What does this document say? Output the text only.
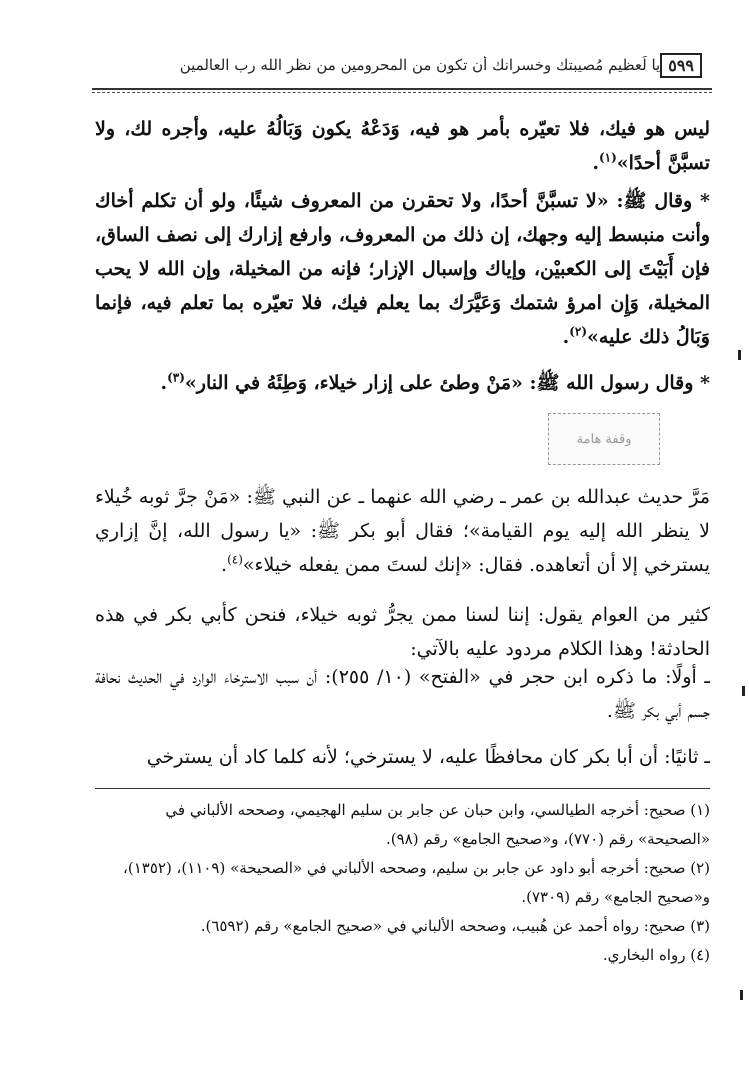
٥٩٩
يا لَعظيم مُصيبتك وخسرانك أن تكون من المحرومين من نظر الله رب العالمين
ليس هو فيك، فلا تعيّره بأمر هو فيه، وَدَعْهُ يكون وَبَالُهُ عليه، وأجره لك، ولا تسبَّنَّ أحدًا»$^{(١)}$.
* وقال ﷺ: «لا تسبَّنَّ أحدًا، ولا تحقرن من المعروف شيئًا، ولو أن تكلم أخاك وأنت منبسط إليه وجهك، إن ذلك من المعروف، وارفع إزارك إلى نصف الساق، فإن أَبَيْتَ إلى الكعبيْن، وإياك وإسبال الإزار؛ فإنه من المخيلة، وإن الله لا يحب المخيلة، وَإِن امرؤ شتمك وَعَيَّرَك بما يعلم فيك، فلا تعيّره بما تعلم فيه، فإنما وَبَالُ ذلك عليه»$^{(٢)}$.
* وقال رسول الله ﷺ: «مَنْ وطئ على إزار خيلاء، وَطِئَهُ في النار»$^{(٣)}$.
وقفة هامة
مَرَّ حديث عبدالله بن عمر ـ رضي الله عنهما ـ عن النبي ﷺ: «مَنْ جرَّ ثوبه خُيلاء لا ينظر الله إليه يوم القيامة»؛ فقال أبو بكر ﷺ: «يا رسول الله، إنَّ إزاري يسترخي إلا أن أتعاهده. فقال: «إنك لستَ ممن يفعله خيلاء»$^{(٤)}$.
كثير من العوام يقول: إننا لسنا ممن يجرُّ ثوبه خيلاء، فنحن كأبي بكر في هذه الحادثة! وهذا الكلام مردود عليه بالآتي:
ـ أولًا: ما ذكره ابن حجر في «الفتح» (١٠/ ٢٥٥): أن سبب الاسترخاء الوارد في الحديث نحافة جسم أبي بكر ﷺ.
ـ ثانيًا: أن أبا بكر كان محافظًا عليه، لا يسترخي؛ لأنه كلما كاد أن يسترخي

(١) صحيح: أخرجه الطيالسي، وابن حبان عن جابر بن سليم الهجيمي، وصححه الألباني في «الصحيحة» رقم (٧٧٠)، و«صحيح الجامع» رقم (٩٨).

(٢) صحيح: أخرجه أبو داود عن جابر بن سليم، وصححه الألباني في «الصحيحة» (١١٠٩)، (١٣٥٢)، و«صحيح الجامع» رقم (٧٣٠٩).

(٣) صحيح: رواه أحمد عن هُبيب، وصححه الألباني في «صحيح الجامع» رقم (٦٥٩٢).

(٤) رواه البخاري.
